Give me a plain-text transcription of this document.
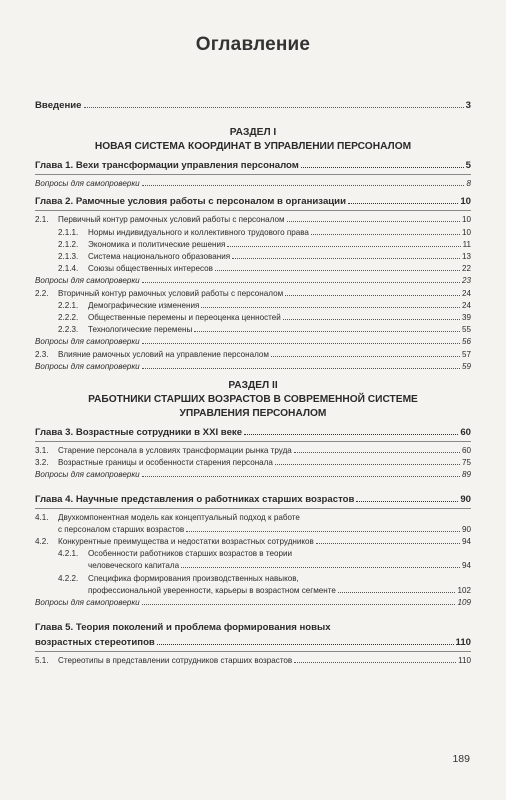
Оглавление
Введение	3
РАЗДЕЛ I
НОВАЯ СИСТЕМА КООРДИНАТ В УПРАВЛЕНИИ ПЕРСОНАЛОМ
Глава 1. Вехи трансформации управления персоналом	5
Вопросы для самопроверки	8
Глава 2. Рамочные условия работы с персоналом в организации	10
2.1.	Первичный контур рамочных условий работы с персоналом	10
2.1.1.	Нормы индивидуального и коллективного трудового права	10
2.1.2.	Экономика и политические решения	11
2.1.3.	Система национального образования	13
2.1.4.	Союзы общественных интересов	22
Вопросы для самопроверки	23
2.2.	Вторичный контур рамочных условий работы с персоналом	24
2.2.1.	Демографические изменения	24
2.2.2.	Общественные перемены и переоценка ценностей	39
2.2.3.	Технологические перемены	55
Вопросы для самопроверки	56
2.3.	Влияние рамочных условий на управление персоналом	57
Вопросы для самопроверки	59
РАЗДЕЛ II
РАБОТНИКИ СТАРШИХ ВОЗРАСТОВ В СОВРЕМЕННОЙ СИСТЕМЕ
УПРАВЛЕНИЯ ПЕРСОНАЛОМ
Глава 3. Возрастные сотрудники в XXI веке	60
3.1.	Старение персонала в условиях трансформации рынка труда	60
3.2.	Возрастные границы и особенности старения персонала	75
Вопросы для самопроверки	89
Глава 4. Научные представления о работниках старших возрастов	90
4.1.	Двухкомпонентная модель как концептуальный подход к работе
с персоналом старших возрастов	90
4.2.	Конкурентные преимущества и недостатки возрастных сотрудников	94
4.2.1.	Особенности работников старших возрастов в теории
человеческого капитала	94
4.2.2.	Специфика формирования производственных навыков,
профессиональной уверенности, карьеры в возрастном сегменте	102
Вопросы для самопроверки	109
Глава 5. Теория поколений и проблема формирования новых
возрастных стереотипов	110
5.1.	Стереотипы в представлении сотрудников старших возрастов	110
189
